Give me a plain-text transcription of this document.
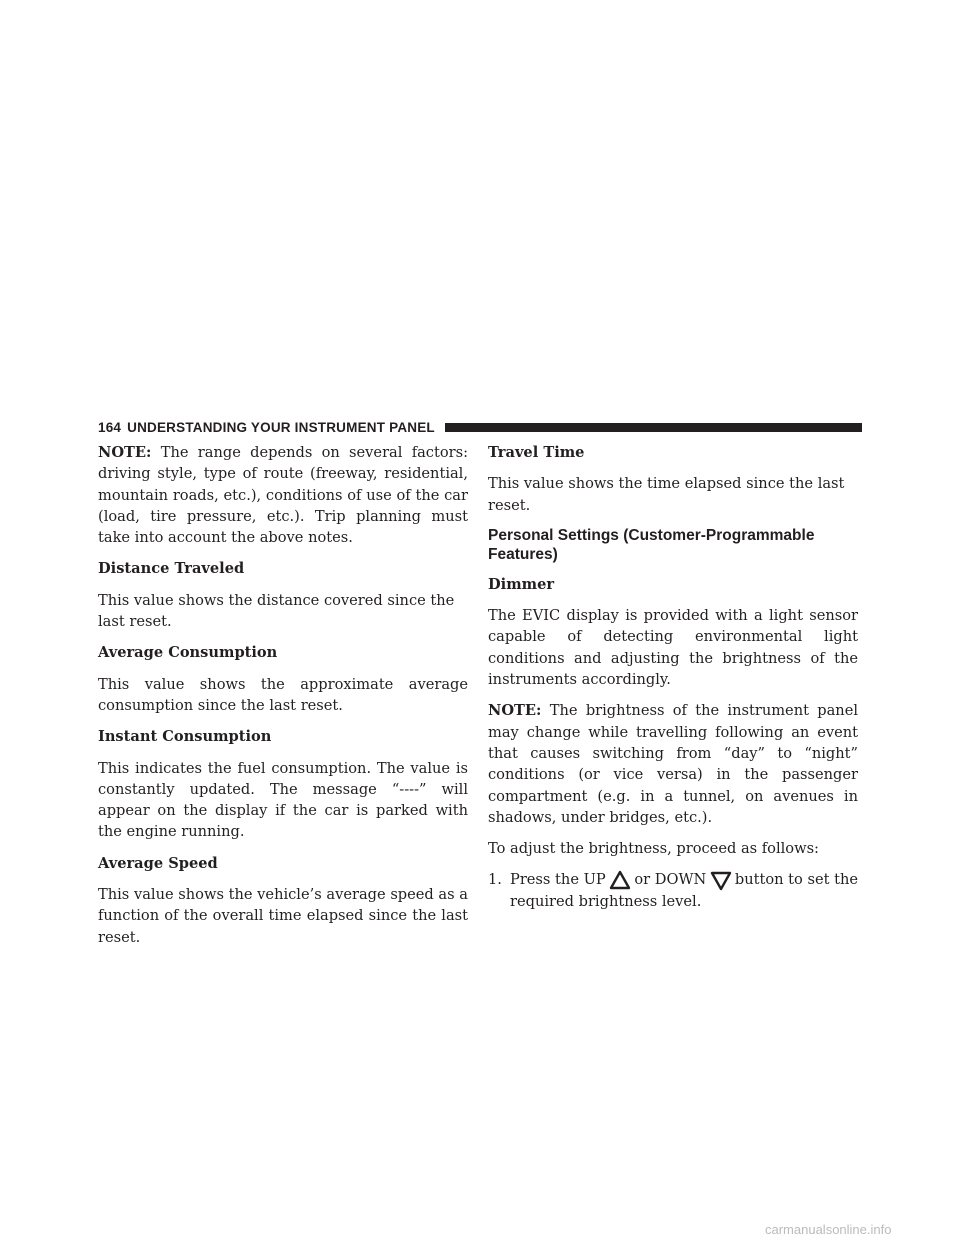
164 UNDERSTANDING YOUR INSTRUMENT PANEL

NOTE: The range depends on several factors: driving style, type of route (freeway, residential, mountain roads, etc.), conditions of use of the car (load, tire pressure, etc.). Trip planning must take into account the above notes.

Distance Traveled

This value shows the distance covered since the last reset.

Average Consumption

This value shows the approximate average consumption since the last reset.

Instant Consumption

This indicates the fuel consumption. The value is constantly updated. The message “----” will appear on the display if the car is parked with the engine running.

Average Speed

This value shows the vehicle’s average speed as a function of the overall time elapsed since the last reset.

Travel Time

This value shows the time elapsed since the last reset.

Personal Settings (Customer-Programmable Features)

Dimmer

The EVIC display is provided with a light sensor capable of detecting environmental light conditions and adjusting the brightness of the instruments accordingly.

NOTE: The brightness of the instrument panel may change while travelling following an event that causes switching from “day” to “night” conditions (or vice versa) in the passenger compartment (e.g. in a tunnel, on avenues in shadows, under bridges, etc.).

To adjust the brightness, proceed as follows:

1. Press the UP or DOWN button to set the
required brightness level.
carmanualsonline.info
